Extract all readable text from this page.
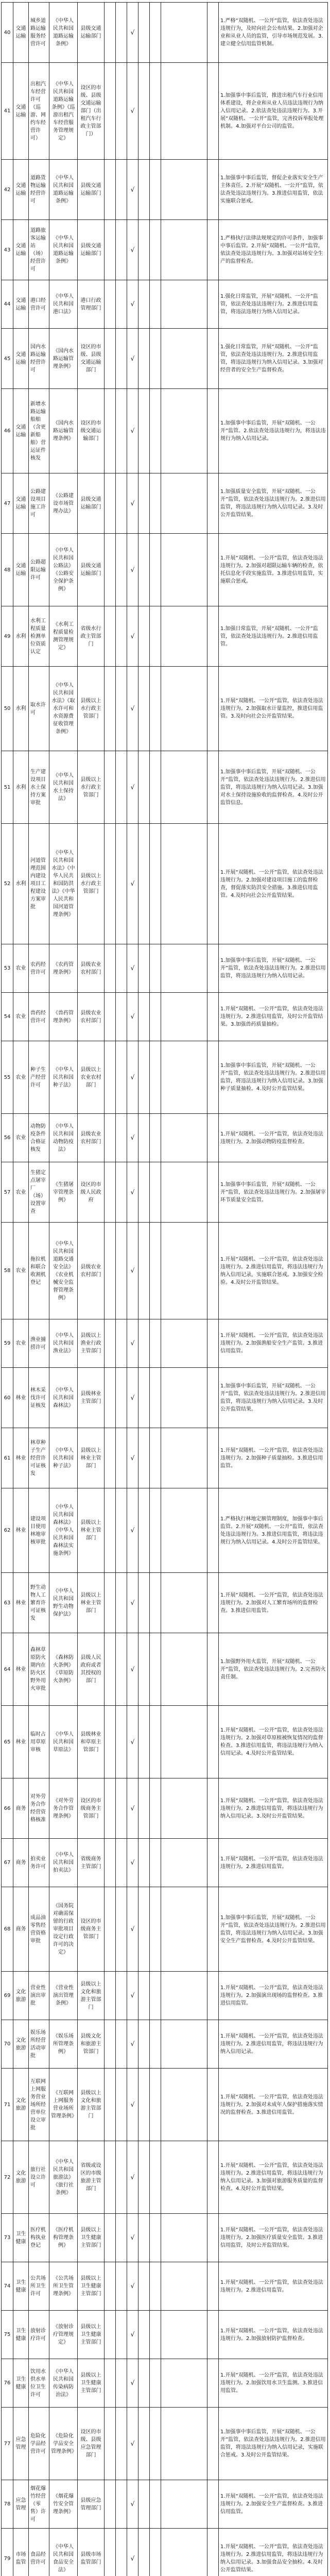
40	交通运输	城乡道路运输服务经营许可	《中华人民共和国道路运输条例》	县级交通运输部门			√					1.严格“双随机、一公开”监管，依法查处违法违规行为，及时向社会公布结果。2.加强对企业和从业人员的监管，引导市场规范发展。3.建立健全信用监管机制。
41	交通运输	出租汽车经营许可（巡游、网约车经营许可）	《中华人民共和国道路运输条例》《巡游出租汽车经营服务管理规定》	设区的市级、县级交通运输部门（出租汽车行政主管部门）			√					1.加强事中事后监管，推进出租汽车行业信用体系建设，将企业和从业人员违法违规行为纳入信用记录。2.依法查处违法违规行为。3.开展“双随机、一公开”监管，完善投诉举报处理机制。4.加强对平台公司的监管。
42	交通运输	道路货物运输经营许可	《中华人民共和国道路运输条例》	县级交通运输部门			√					1.加强事中事后监管，督促企业落实安全生产主体责任。2.开展“双随机、一公开”监管，依法查处违法违规行为。3.推进信用监管，依法实施联合惩戒。
43	交通运输	道路旅客运输站（场）经营许可	《中华人民共和国道路运输条例》	县级交通运输部门			√					1.严格执行法律法规规定的许可条件，加强事中事后监管。2.开展“双随机、一公开”监管，依法查处违法违规行为。3.加强对站场安全生产的监督检查。
44	交通运输	港口经营许可	《中华人民共和国港口法》	港口行政管理部门			√					1.强化日常监管，开展“双随机、一公开”监管，依法查处违法违规行为。2.推进信用监管，将违法违规行为纳入信用记录。
45	交通运输	国内水路运输经营许可	《国内水路运输管理条例》	设区的市级、县级交通运输部门			√					1.强化日常监管，开展“双随机、一公开”监管，依法查处违法违规行为。2.推进信用监管，将违法违规行为纳入信用记录。3.加强对经营者的安全生产监督检查。
46	交通运输	新增水路运输船舶（含更新船舶）营运证件核发	《国内水路运输管理条例》	设区的市级交通运输部门			√					1.加强事中事后监管，开展“双随机、一公开”监管。2.依法查处违法违规行为，将违法违规行为纳入信用记录。
47	交通运输	公路建设项目施工许可	《公路建设市场管理办法》	县级交通运输部门			√					1.加强质量安全监管，开展“双随机、一公开”监管，依法查处违法违规行为。2.推进信用监管，将违法违规行为纳入信用记录。3.及时公开监管结果。
48	交通运输	公路超限运输许可	《中华人民共和国公路法》《公路安全保护条例》	县级交通运输部门			√					1.开展“双随机、一公开”监管，依法查处违法违规行为。2.加强对超限运输车辆的检查，依托信息化手段实施监管。3.推进信用监管，实施联合惩戒。
49	水利	水利工程质量检测单位资质认定	《水利工程质量检测管理规定》	省级水行政主管部门			√					1.加强日常监管，开展“双随机、一公开”监管，依法查处违法违规行为。2.推进信用监管。
50	水利	取水许可	《中华人民共和国水法》《取水许可和水资源费征收管理条例》	县级以上水行政主管部门			√					1.开展“双随机、一公开”监管，依法查处违法违规行为。2.加强取水计量监控，推进信用监管。3.及时向社会公开监管结果。
51	水利	生产建设项目水土保持方案审批	《中华人民共和国水土保持法》	县级以上水行政主管部门			√					1.加强事中事后监管，开展“双随机、一公开”监管，依法查处违法违规行为。2.推进信用监管，将违法违规行为纳入信用记录。3.加强对水土保持设施验收的监督检查。4.及时公开监管信息。
52	水利	河道管理范围内建设项目工程建设方案审批	《中华人民共和国水法》《中华人民共和国防洪法》《中华人民共和国河道管理条例》	县级以上水行政主管部门			√					1.开展“双随机、一公开”监管，依法查处违法违规行为。2.加强对建设项目施工的监督检查，督促落实防洪安全措施。3.推进信用监管。4.及时向社会公开监管结果。
53	农业	农药经营许可	《农药管理条例》	县级农业农村部门			√					1.加强事中事后监管，开展“双随机、一公开”监管，依法查处违法违规行为。2.推进信用监管，将违法违规行为纳入信用记录。
54	农业	兽药经营许可	《兽药管理条例》	县级农业农村部门			√					1.开展“双随机、一公开”监管，依法查处违法违规行为。2.推进信用监管，及时公开监管结果。3.加强兽药质量抽检。
55	农业	种子生产经营许可	《中华人民共和国种子法》	县级以上农业农村部门			√					1.加强事中事后监管，开展“双随机、一公开”监管，依法查处违法违规行为。2.推进信用监管，将违法违规行为纳入信用记录。3.加强种子质量抽检。4.及时公开监管结果。
56	农业	动物防疫条件合格证核发	《中华人民共和国动物防疫法》	县级农业农村部门			√					1.开展“双随机、一公开”监管，依法查处违法违规行为。2.加强动物防疫监督检查。
57	农业	生猪定点屠宰厂（场）设置审查	《生猪屠宰管理条例》	设区的市级人民政府			√					1.加强事中事后监管，开展“双随机、一公开”监管，依法查处违法违规行为。2.加强屠宰环节质量安全监管。
58	农业	拖拉机和联合收割机登记	《中华人民共和国道路交通安全法》《农业机械安全监督管理条例》	县级农业农村部门			√					1.开展“双随机、一公开”监管，依法查处违法违规行为。2.推进信用监管，将违法违规行为纳入信用记录，实施联合惩戒。3.加强安全检验。4.及时公开监管结果。
59	农业	渔业捕捞许可	《中华人民共和国渔业法》	县级以上渔业行政主管部门			√					1.开展“双随机、一公开”监管，依法查处违法违规行为。2.加强渔船安全生产监管。3.推进信用监管。
60	林业	林木采伐许可证核发	《中华人民共和国森林法》	县级林业主管部门			√					1.加强事中事后监管，开展“双随机、一公开”监管，依法查处违法违规行为。2.推进信用监管，将违法违规行为纳入信用记录。3.及时公开监管结果。
61	林业	林草种子生产经营许可证核发	《中华人民共和国种子法》	县级以上林业主管部门			√					1.开展“双随机、一公开”监管，依法查处违法违规行为。2.加强种子质量抽检。3.推进信用监管。
62	林业	建设项目使用林地审核审批	《中华人民共和国森林法》《中华人民共和国森林法实施条例》	县级以上林业主管部门			√					1.严格执行林地定额管理制度，加强事中事后监管。2.开展“双随机、一公开”监管，依法查处违法违规行为。3.推进信用监管，将违法违规行为纳入信用记录。4.及时公开监管结果。
63	林业	野生动物人工繁育许可证核发	《中华人民共和国野生动物保护法》	县级以上林业主管部门			√					1.开展“双随机、一公开”监管，依法查处违法违规行为。2.加强对人工繁育场所的监督检查。3.推进信用监管。
64	林业	森林草原防火期内在防火区野外用火审批	《森林防火条例》《草原防火条例》	县级人民政府或者其授权的部门			√					1.加强野外用火监管，开展“双随机、一公开”监管，依法查处违法违规行为。2.完善防火责任制。
65	林业	临时占用草原审核	《中华人民共和国草原法》	县级林业和草原主管部门			√					1.开展“双随机、一公开”监管，依法查处违法违规行为。2.加强对草原植被恢复情况的监督检查。3.推进信用监管，将违法违规行为纳入信用记录。4.及时公开监管结果。
66	商务	对外劳务合作经营资格核准	《对外劳务合作管理条例》	设区的市级商务主管部门			√					1.开展“双随机、一公开”监管，依法查处违法违规行为。2.推进信用监管，将违法违规行为纳入信用记录。3.及时公开监管结果。
67	商务	拍卖业务许可	《中华人民共和国拍卖法》	省级商务主管部门			√					1.开展“双随机、一公开”监管，依法查处违法违规行为。2.推进信用监管。
68	商务	成品油零售经营资格审批	《国务院对确需保留的行政审批项目设定行政许可的决定》	设区的市级商务主管部门			√					1.加强事中事后监管，开展“双随机、一公开”监管，依法查处违法违规行为。2.推进信用监管，将违法违规行为纳入信用记录。3.加强安全生产监督检查。4.及时公开监管结果。
69	文化旅游	营业性演出审批	《营业性演出管理条例》	县级以上文化和旅游主管部门			√					1.开展“双随机、一公开”监管，依法查处违法违规行为。2.加强演出现场的监督检查。3.推进信用监管。
70	文化旅游	娱乐场所经营活动审批	《娱乐场所管理条例》	县级文化和旅游主管部门			√					1.开展“双随机、一公开”监管，依法查处违法违规行为。2.推进信用监管，将违法违规行为纳入信用记录。
71	文化旅游	互联网上网服务营业场所经营单位设立审批	《互联网上网服务营业场所管理条例》	县级以上文化和旅游主管部门			√					1.开展“双随机、一公开”监管，依法查处违法违规行为。2.加强对未成年人保护措施落实情况的监督检查。3.推进信用监管。
72	文化旅游	旅行社设立许可	《中华人民共和国旅游法》《旅行社条例》	省级或设区的市级旅游主管部门			√					1.开展“双随机、一公开”监管，依法查处违法违规行为。2.推进信用监管，将违法违规行为纳入信用记录。3.加强对旅游服务质量的监督检查。4.及时公开监管结果。
73	卫生健康	医疗机构执业登记	《医疗机构管理条例》	县级以上卫生健康主管部门			√					1.开展“双随机、一公开”监管，依法查处违法违规行为。2.加强医疗质量安全监管。3.推进信用监管，及时公开监管结果。
74	卫生健康	公共场所卫生许可	《公共场所卫生管理条例》	县级以上卫生健康主管部门			√					1.开展“双随机、一公开”监管，依法查处违法违规行为。2.推进信用监管。
75	卫生健康	放射诊疗许可	《放射诊疗管理规定》	县级以上卫生健康主管部门			√					1.开展“双随机、一公开”监管，依法查处违法违规行为。2.加强放射防护监督检查。
76	卫生健康	饮用水供水单位卫生许可	《中华人民共和国传染病防治法》	县级以上卫生健康主管部门			√					1.开展“双随机、一公开”监管，依法查处违法违规行为。2.加强饮用水卫生监测。3.推进信用监管。
77	应急管理	危险化学品经营许可	《危险化学品安全管理条例》	设区的市级、县级应急管理部门			√					1.加强事中事后监管，开展“双随机、一公开”监管，依法查处违法违规行为。2.推进信用监管，将违法违规行为纳入信用记录，实施联合惩戒。3.及时公开监管结果。
78	应急管理	烟花爆竹经营（零售）许可	《烟花爆竹安全管理条例》	县级应急管理部门			√					1.开展“双随机、一公开”监管，依法查处违法违规行为。2.加强安全生产监督检查。3.推进信用监管。
79	市场监管	食品经营许可	《中华人民共和国食品安全法》	县级市场监管部门			√					1.开展“双随机、一公开”监管，依法查处违法违规行为。2.推进信用监管，将违法违规行为纳入信用记录。3.加强食品安全抽检。4.及时公开监管结果。
